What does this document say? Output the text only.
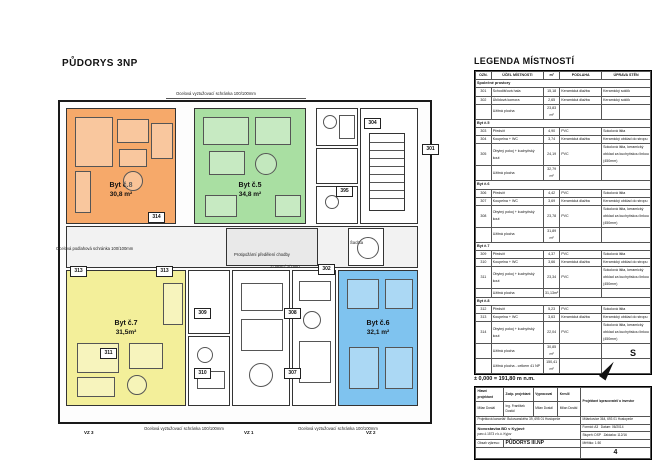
PŮDORYS 3NP
Ocelová vyztužovací schránka 100/100mm
Byt č.8
30,8 m²
Byt č.5
34,8 m²
Byt č.7
31,5m²
Byt č.6
32,1 m²
304
301
395
314
313	313	302
309	308
311
310	307
Ocelová podlahová schránka 100/100mm
Protipožární předělení chodby
Šachta
Z-1800 / 2/1500
Ocelová vyztužovací schránka 100/100mm	Ocelová vyztužovací schránka 100/100mm
VZ 3	VZ 1	VZ 2
LEGENDA MÍSTNOSTÍ
OZN.	ÚČEL MÍSTNOSTI	m²	PODLAHA	ÚPRAVA STĚN
Společné prostory				
301	Schodišťová hala	15,18	Keramická dlažba	Keramický soklík
302	Úklidová komora	2,65	Keramická dlažba	Keramický soklík
	Užitná plocha	23,83 m²		
Byt č.5				
303	Předsíň	4,90	PVC	Sokolová lišta
304	Koupelna + WC	3,74	Keramická dlažba	Keramický obklad do stropu
305	Obytný pokoj + kuchyňský kout	24,19	PVC	Sokolová lišta, keramický obklad za kuchyňskou linkou (450mm)
	Užitná plocha	32,79 m²		
Byt č.6				
306	Předsíň	4,42	PVC	Sokolová lišta
307	Koupelna + WC	3,69	Keramická dlažba	Keramický obklad do stropu
308	Obytný pokoj + kuchyňský kout	23,78	PVC	Sokolová lišta, keramický obklad za kuchyňskou linkou (450mm)
	Užitná plocha	31,89 m²		
Byt č.7				
309	Předsíň	4,37	PVC	Sokolová lišta
310	Koupelna + WC	3,66	Keramická dlažba	Keramický obklad do stropu
311	Obytný pokoj + kuchyňský kout	23,34	PVC	Sokolová lišta, keramický obklad za kuchyňskou linkou (450mm)
	Užitná plocha	31,13m²		
Byt č.8				
312	Předsíň	5,23	PVC	Sokolová lišta
313	Koupelna + WC	3,63	Keramická dlažba	Keramický obklad do stropu
314	Obytný pokoj + kuchyňský kout	22,04	PVC	Sokolová lišta, keramický obklad za kuchyňskou linkou (450mm)
	Užitná plocha	30,85 m²		
	Užitná plocha - celkem 41 NP	150,41 m²		
S
± 0,000 = 191,80 m n.m.
Hlavní projektant	Zodp. projektant	Vypracoval	Kreslil	Projektant /zpracovatel/ a investor
Milan Dostál	Ing. František Dostál	Milan Dostál	Milan Dostál	
Projektová kancelář: Bukovanského 39, 695 01 Hustopeče				Milánkovice 364, 693 01 Hustopeče
Novostavba BD v Kyjově
parc.č.1573 v k.ú. Kyjov				Formát: A3 Datum: 06/2014
				Stupeň: DSP Zakázka: 112/16
Obsah výkresu:	PŮDORYS III.NP			Měřítko: 1:50
				4
